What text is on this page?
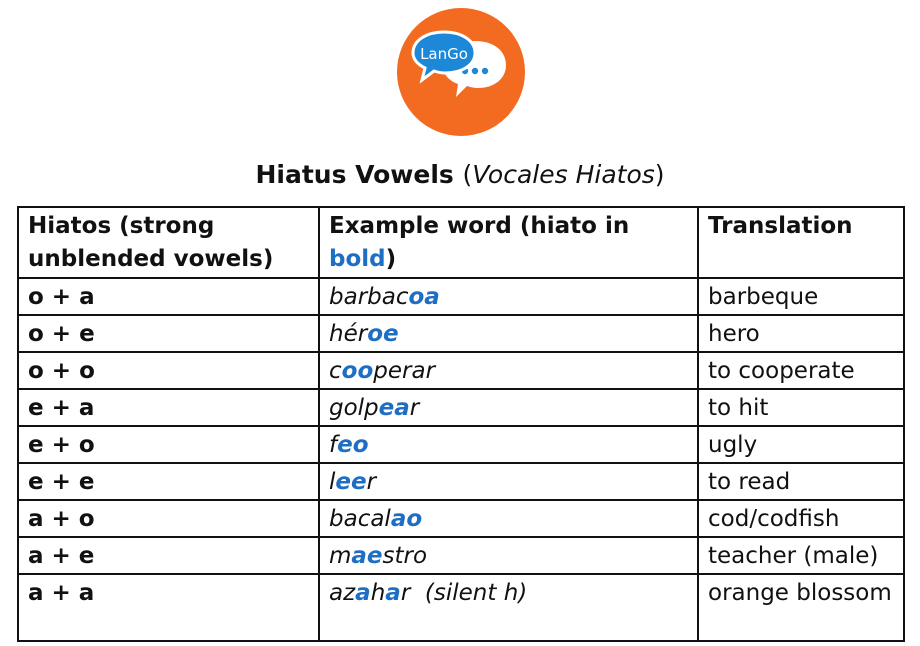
LanGo
Hiatus Vowels (Vocales Hiatos)
Hiatos (strong unblended vowels)	Example word (hiato in bold)	Translation
o + a	barbacoa	barbeque
o + e	héroe	hero
o + o	cooperar	to cooperate
e + a	golpear	to hit
e + o	feo	ugly
e + e	leer	to read
a + o	bacalao	cod/codfish
a + e	maestro	teacher (male)
a + a	azahar (silent h)	orange blossom
